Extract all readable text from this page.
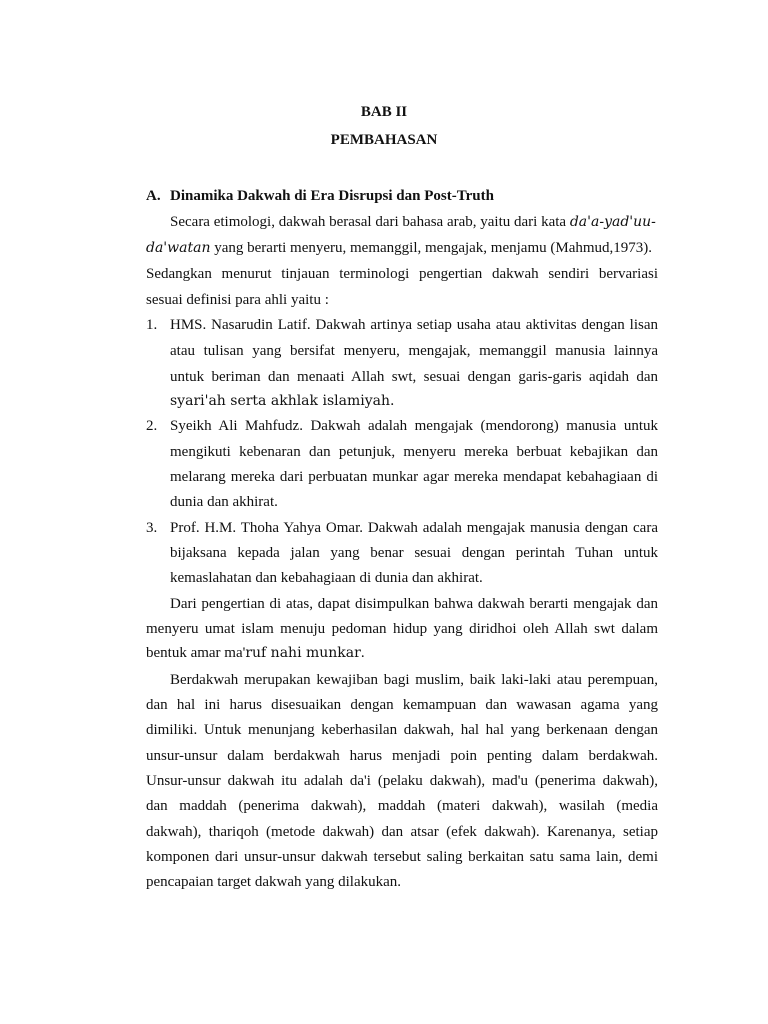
BAB II
PEMBAHASAN
A. Dinamika Dakwah di Era Disrupsi dan Post-Truth
Secara etimologi, dakwah berasal dari bahasa arab, yaitu dari kata da'a-yad'uu-
da'watan yang berarti menyeru, memanggil, mengajak, menjamu (Mahmud,1973).
Sedangkan menurut tinjauan terminologi pengertian dakwah sendiri bervariasi
sesuai definisi para ahli yaitu :
1. HMS. Nasarudin Latif. Dakwah artinya setiap usaha atau aktivitas dengan lisan
atau tulisan yang bersifat menyeru, mengajak, memanggil manusia lainnya
untuk beriman dan menaati Allah swt, sesuai dengan garis-garis aqidah dan
syari'ah serta akhlak islamiyah.
2. Syeikh Ali Mahfudz. Dakwah adalah mengajak (mendorong) manusia untuk
mengikuti kebenaran dan petunjuk, menyeru mereka berbuat kebajikan dan
melarang mereka dari perbuatan munkar agar mereka mendapat kebahagiaan di
dunia dan akhirat.
3. Prof. H.M. Thoha Yahya Omar. Dakwah adalah mengajak manusia dengan cara
bijaksana kepada jalan yang benar sesuai dengan perintah Tuhan untuk
kemaslahatan dan kebahagiaan di dunia dan akhirat.
Dari pengertian di atas, dapat disimpulkan bahwa dakwah berarti mengajak dan
menyeru umat islam menuju pedoman hidup yang diridhoi oleh Allah swt dalam
bentuk amar ma'ruf nahi munkar.
Berdakwah merupakan kewajiban bagi muslim, baik laki-laki atau perempuan,
dan hal ini harus disesuaikan dengan kemampuan dan wawasan agama yang
dimiliki. Untuk menunjang keberhasilan dakwah, hal hal yang berkenaan dengan
unsur-unsur dalam berdakwah harus menjadi poin penting dalam berdakwah.
Unsur-unsur dakwah itu adalah da'i (pelaku dakwah), mad'u (penerima dakwah),
dan maddah (penerima dakwah), maddah (materi dakwah), wasilah (media
dakwah), thariqoh (metode dakwah) dan atsar (efek dakwah). Karenanya, setiap
komponen dari unsur-unsur dakwah tersebut saling berkaitan satu sama lain, demi
pencapaian target dakwah yang dilakukan.
